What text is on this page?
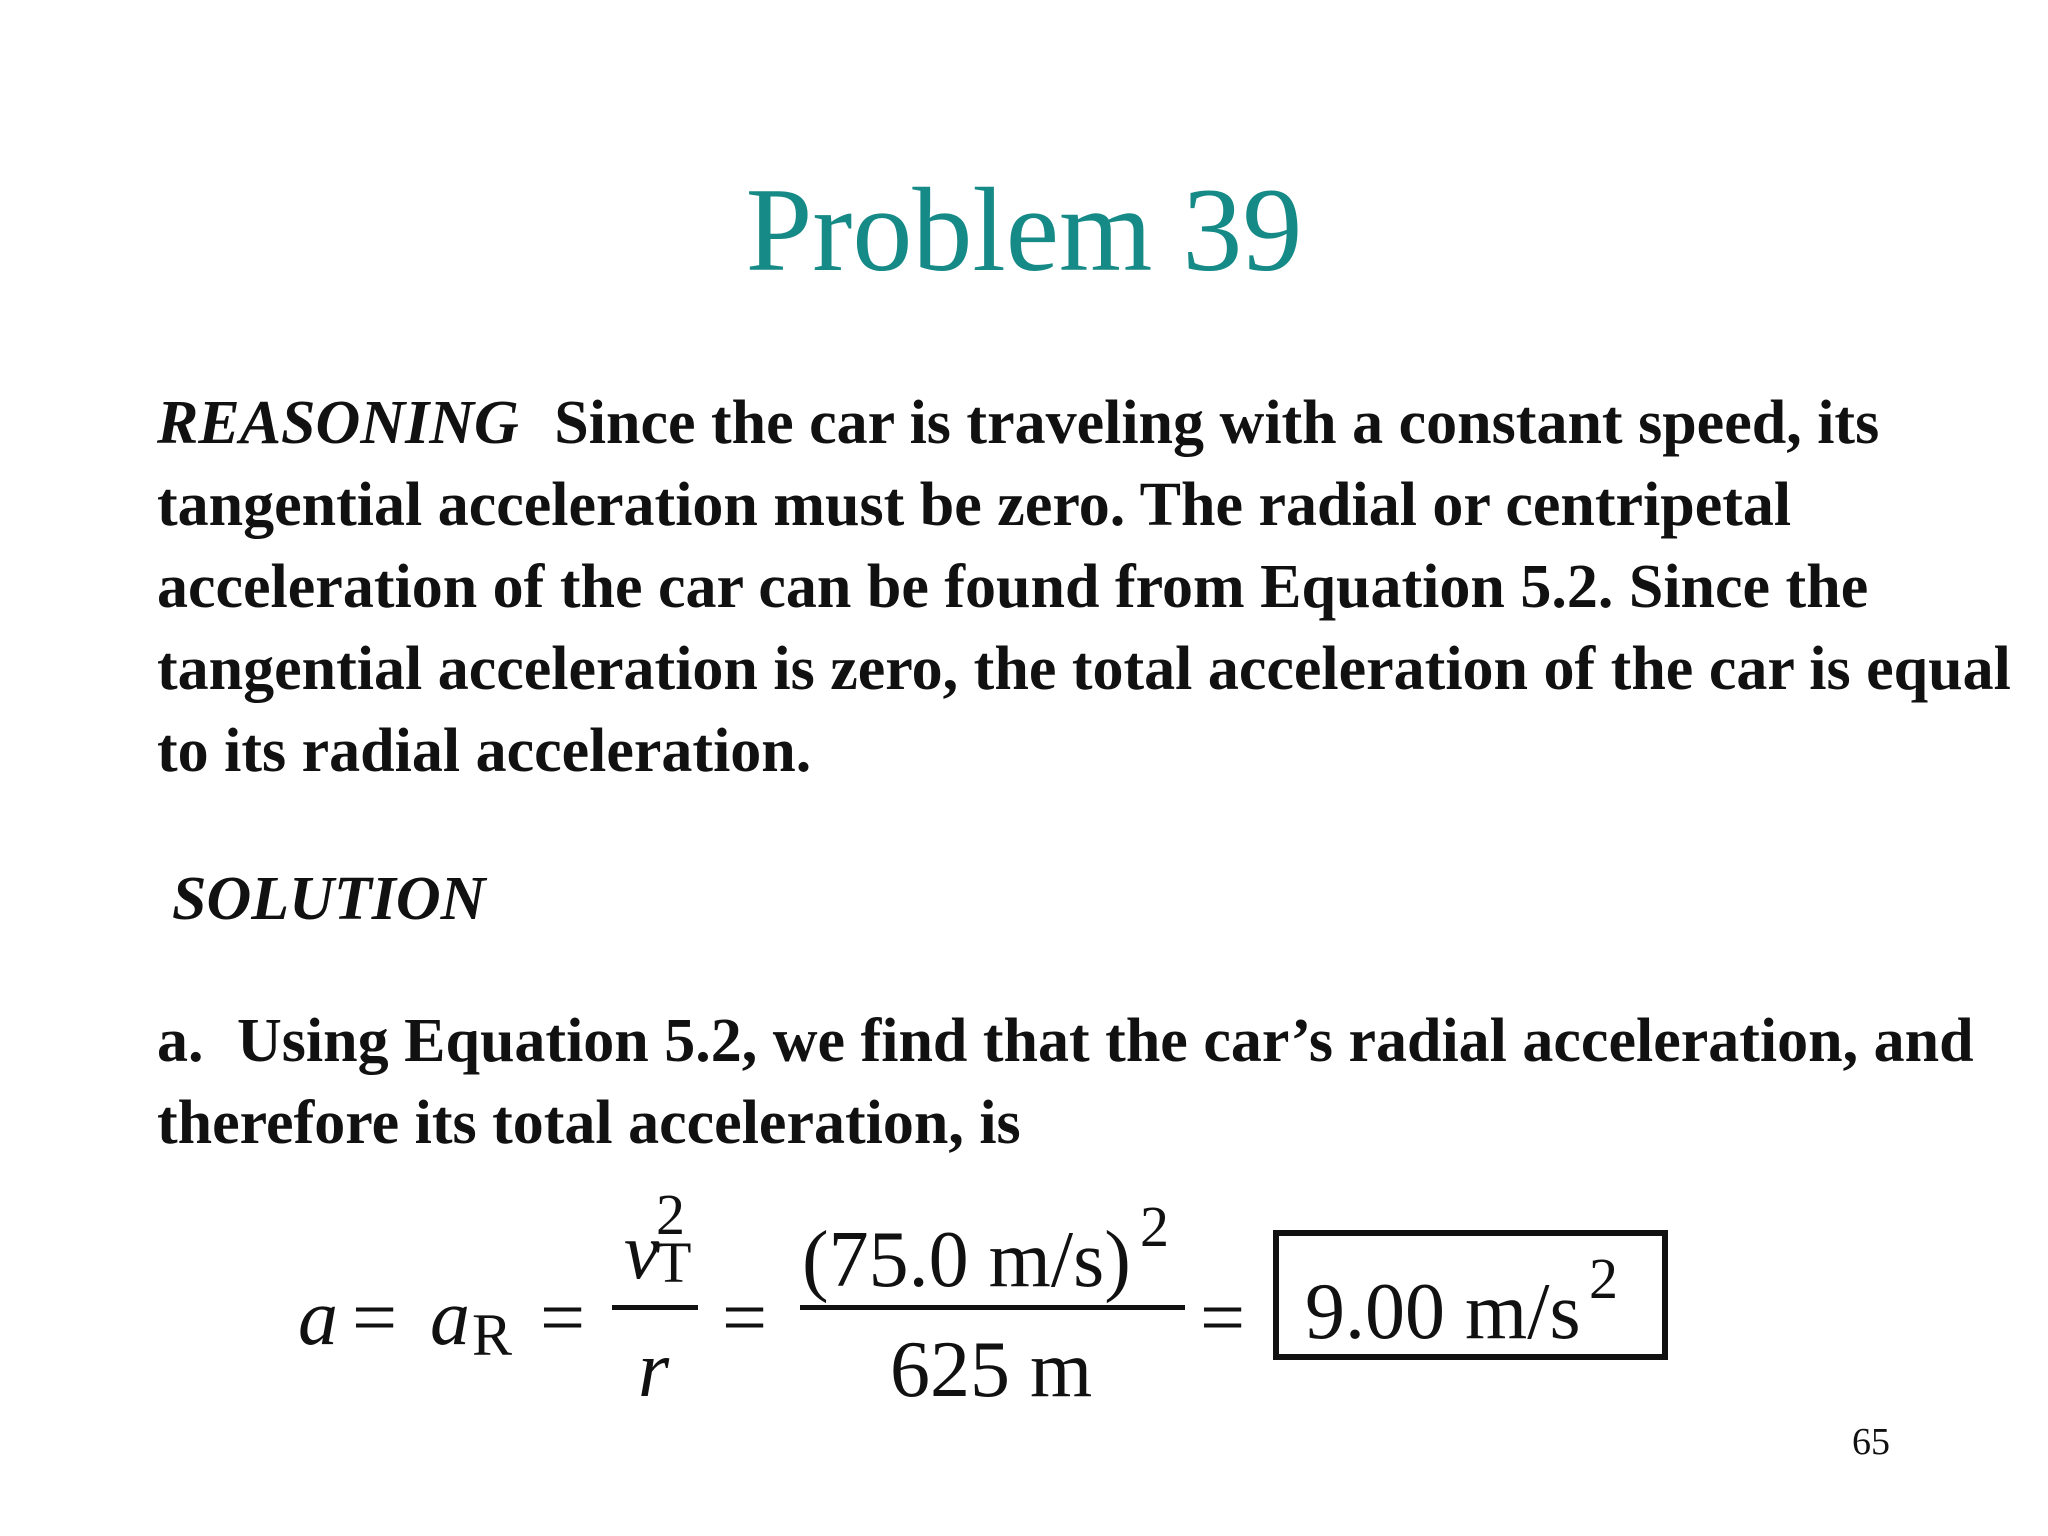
Problem 39
REASONING Since the car is traveling with a constant speed, its tangential acceleration must be zero. The radial or centripetal acceleration of the car can be found from Equation 5.2. Since the tangential acceleration is zero, the total acceleration of the car is equal to its radial acceleration.
SOLUTION
a. Using Equation 5.2, we find that the car’s radial acceleration, and therefore its total acceleration, is
a = a R =
v
2
T
r
=
(75.0 m/s) 2
625 m
= 9.00 m/s 2
65
